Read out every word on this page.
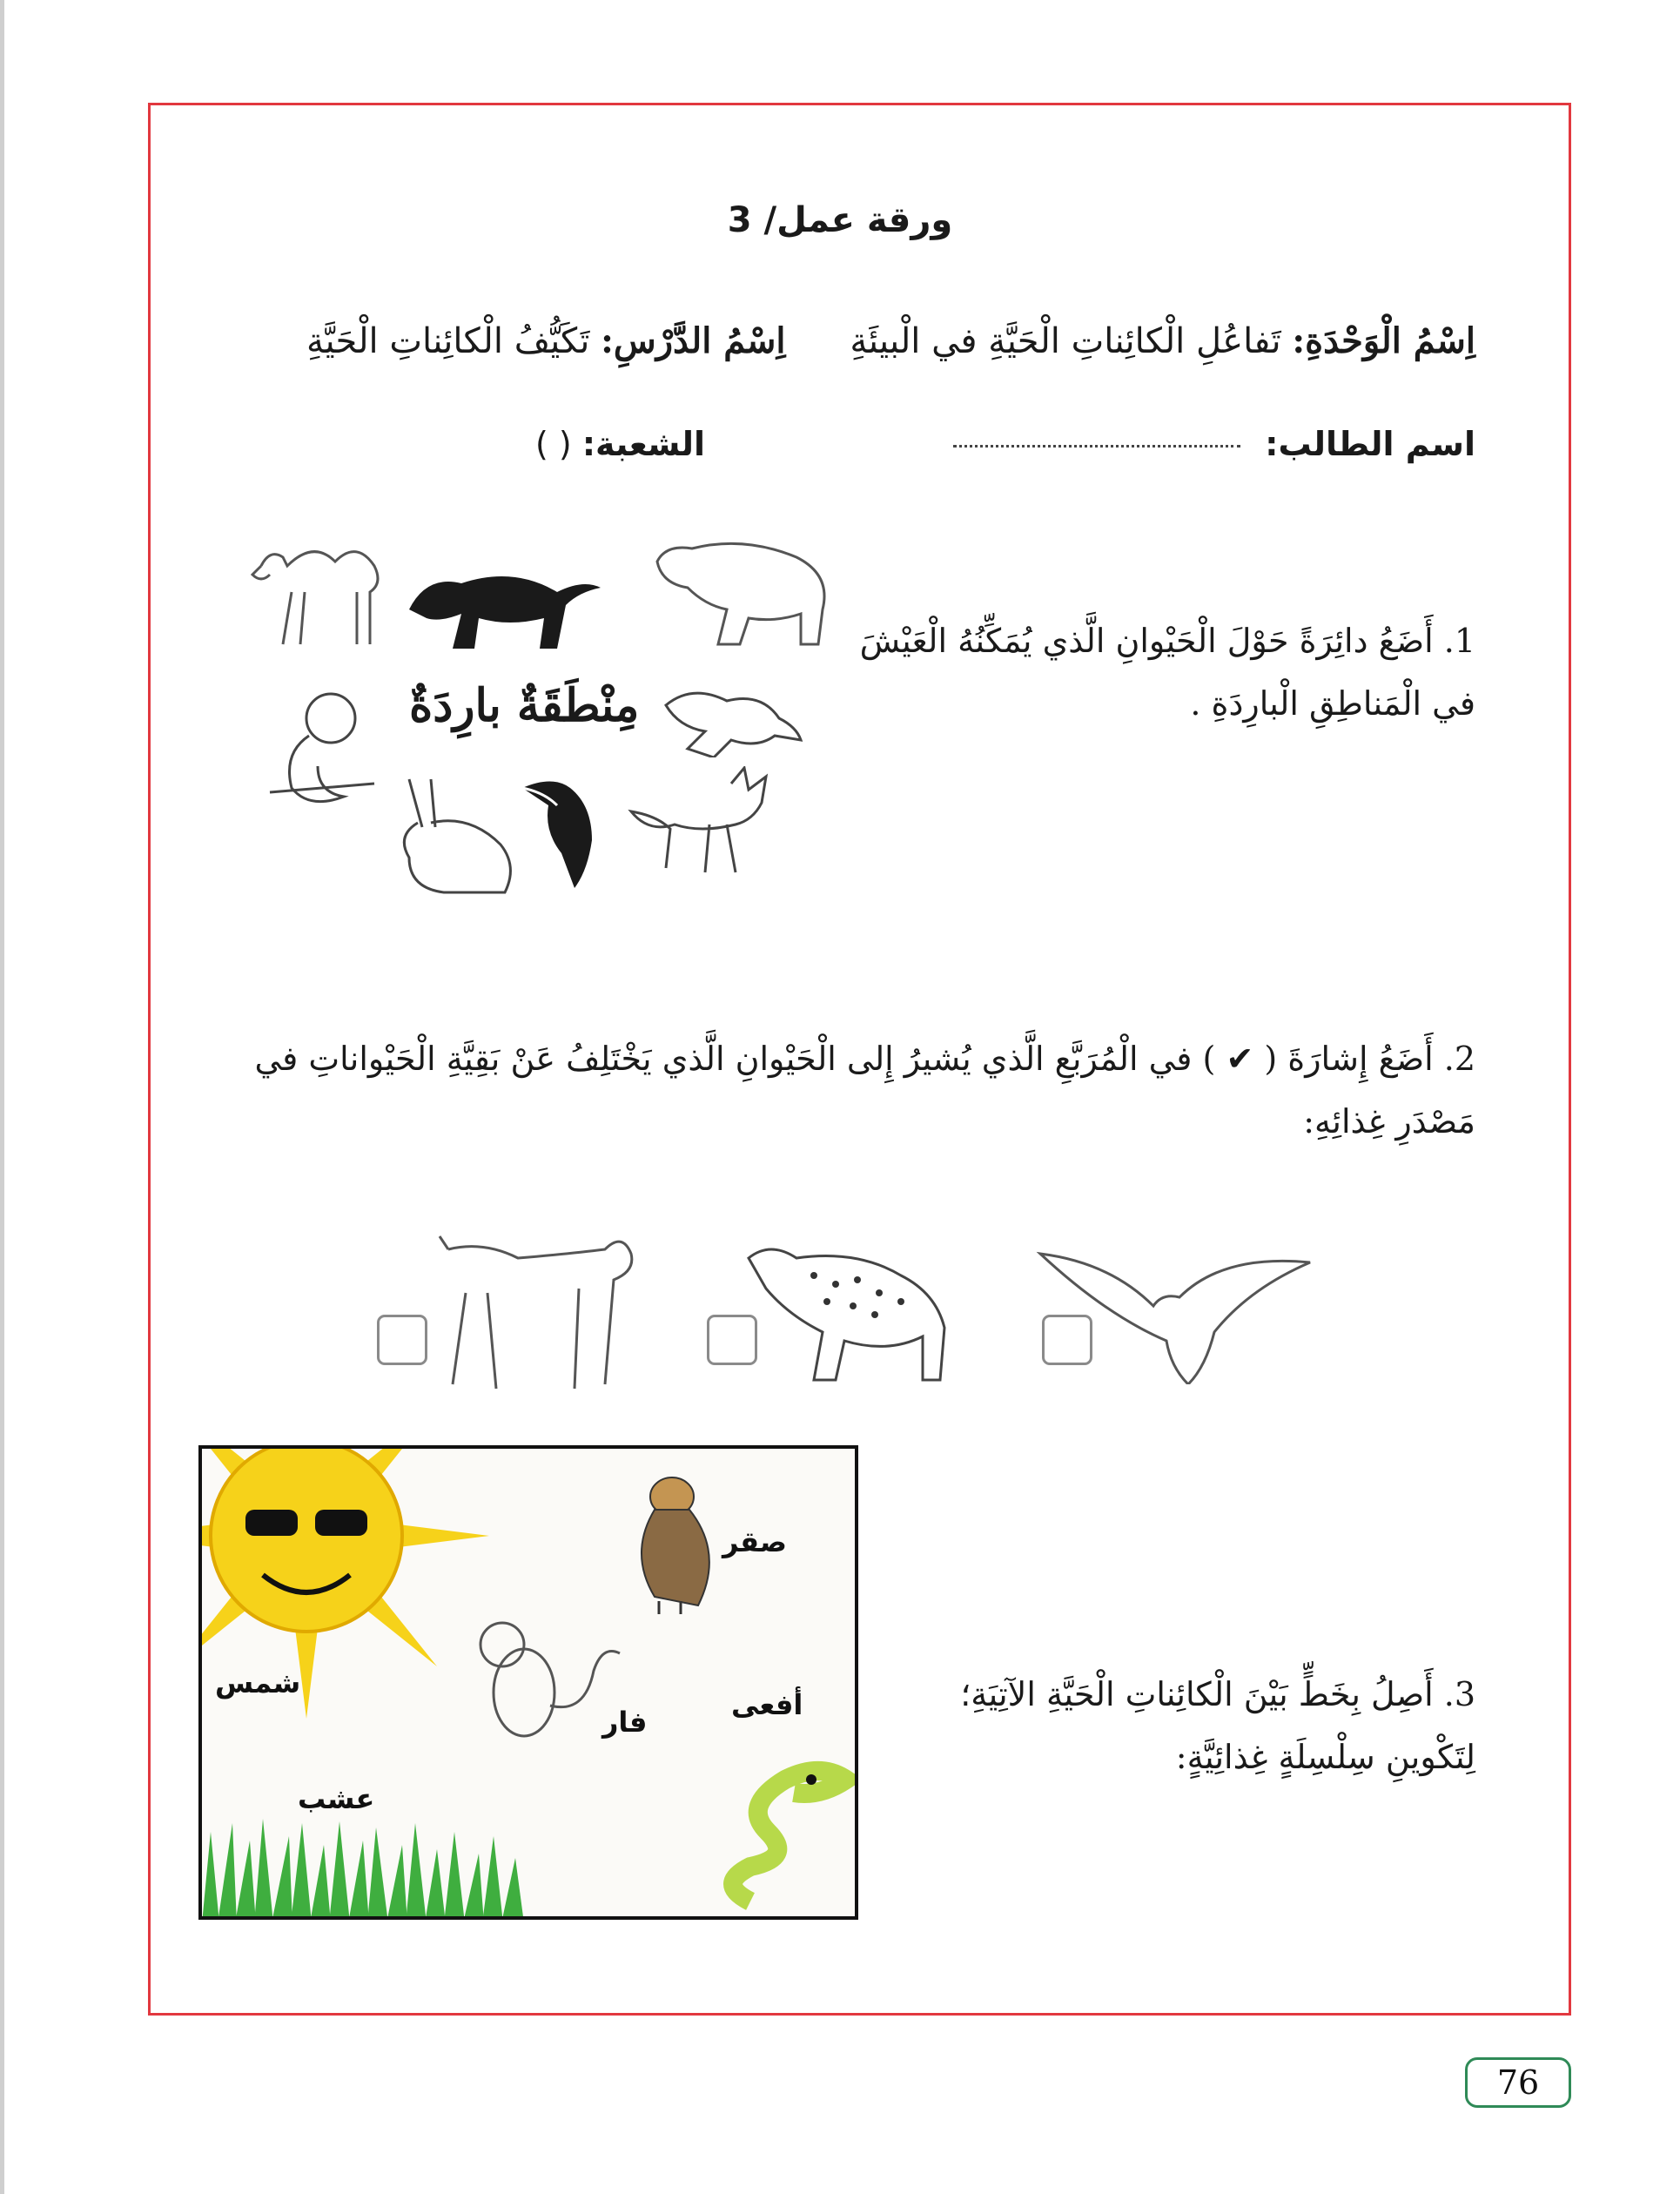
ورقة عمل/ 3
اِسْمُ الْوَحْدَةِ: تَفاعُلِ الْكائِناتِ الْحَيَّةِ في الْبيئَةِ
اِسْمُ الدَّرْسِ: تَكَيُّفُ الْكائِناتِ الْحَيَّةِ
اسم الطالب:
الشعبة: ( )
1. أَضَعُ دائِرَةً حَوْلَ الْحَيْوانِ الَّذي يُمَكِّنُهُ الْعَيْشَ في الْمَناطِقِ الْبارِدَةِ .
مِنْطَقَةٌ بارِدَةٌ
2. أَضَعُ إِشارَةَ ( ✔ ) في الْمُرَبَّعِ الَّذي يُشيرُ إِلى الْحَيْوانِ الَّذي يَخْتَلِفُ عَنْ بَقِيَّةِ الْحَيْواناتِ في مَصْدَرِ غِذائِهِ:
3. أَصِلُ بِخَطٍّ بَيْنَ الْكائِناتِ الْحَيَّةِ الآتِيَةِ؛ لِتَكْوينِ سِلْسِلَةٍ غِذائِيَّةٍ:
صقر
فار
شمس
أفعى
عشب
76
